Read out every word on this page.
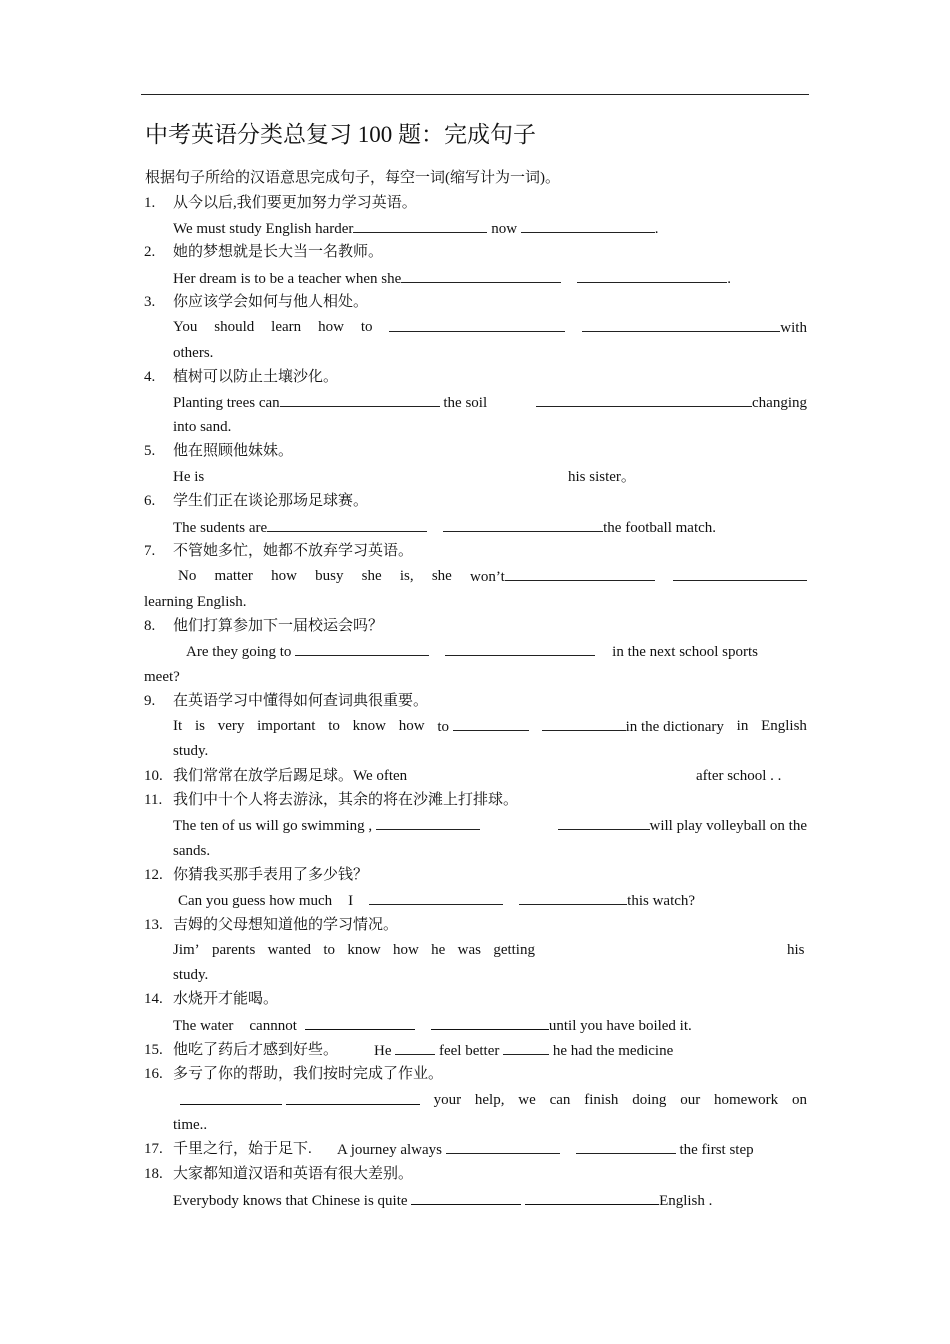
中考英语分类总复习 100 题：完成句子
根据句子所给的汉语意思完成句子，每空一词(缩写计为一词)。
1. 从今以后,我们要更加努力学习英语。
We must study English harder	now	.
2. 她的梦想就是长大当一名教师。
Her dream is to be a teacher when she	.
3. 你应该学会如何与他人相处。
You should learn how to	with
others.
4. 植树可以防止土壤沙化。
Planting trees can	the soil	changing
into sand.
5. 他在照顾他妹妹。
He is	his sister。
6. 学生们正在谈论那场足球赛。
The sudents are	the football match.
7. 不管她多忙，她都不放弃学习英语。
No matter how busy she is, she won’t
learning English.
8. 他们打算参加下一届校运会吗？
Are they going to	in the next school sports
meet?
9. 在英语学习中懂得如何查词典很重要。
It is very important to know how to	in the dictionary in English
study.
10. 我们常常在放学后踢足球。We often	after school . .
11. 我们中十个人将去游泳，其余的将在沙滩上打排球。
The ten of us will go swimming ,	will play volleyball on the
sands.
12. 你猜我买那手表用了多少钱？
Can you guess how much I	this watch?
13. 吉姆的父母想知道他的学习情况。
Jim’ parents wanted to know how he was getting	his
study.
14. 水烧开才能喝。
The water cannnot	until you have boiled it.
15. 他吃了药后才感到好些。 He	feel better	he had the medicine
16. 多亏了你的帮助，我们按时完成了作业。

your help, we can finish doing our homework on
time..
17. 千里之行，始于足下. A journey always	the first step
18. 大家都知道汉语和英语有很大差别。
Everybody knows that Chinese is quite	English .
